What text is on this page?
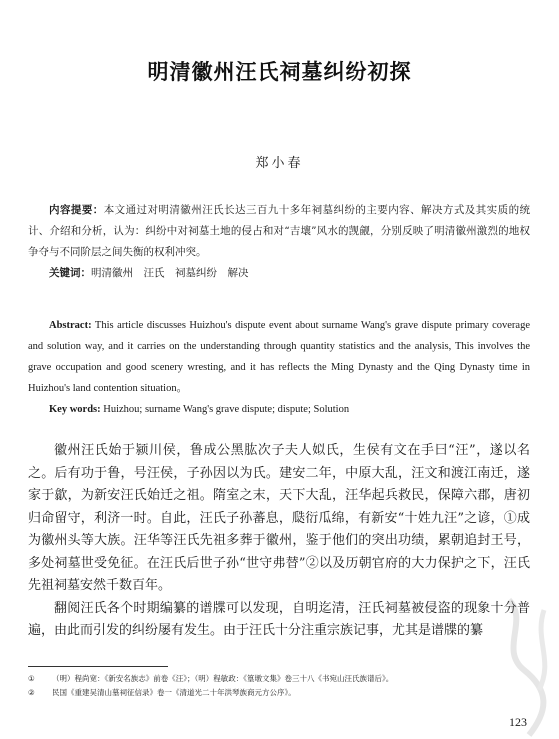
明清徽州汪氏祠墓纠纷初探
郑小春
内容提要：本文通过对明清徽州汪氏长达三百九十多年祠墓纠纷的主要内容、解决方式及其实质的统计、介绍和分析，认为：纠纷中对祠墓土地的侵占和对“吉壤”风水的觊觎，分别反映了明清徽州激烈的地权争夺与不同阶层之间失衡的权利冲突。
关键词：明清徽州　汪氏　祠墓纠纷　解决
Abstract: This article discusses Huizhou's dispute event about surname Wang's grave dispute primary coverage and solution way, and it carries on the understanding through quantity statistics and the analysis, This involves the grave occupation and good scenery wresting, and it has reflects the Ming Dynasty and the Qing Dynasty time in Huizhou's land contention situation。
Key words: Huizhou; surname Wang's grave dispute; dispute; Solution

徽州汪氏始于颍川侯，鲁成公黑肱次子夫人姒氏，生侯有文在手曰“汪”，遂以名之。后有功于鲁，号汪侯，子孙因以为氏。建安二年，中原大乱，汪文和渡江南迁，遂家于歙，为新安汪氏始迁之祖。隋室之末，天下大乱，汪华起兵救民，保障六郡，唐初归命留守，利济一时。自此，汪氏子孙蕃息，瓞衍瓜绵，有新安“十姓九汪”之谚，①成为徽州头等大族。汪华等汪氏先祖多葬于徽州，鉴于他们的突出功绩，累朝追封王号，多处祠墓世受免征。在汪氏后世子孙“世守弗替”②以及历朝官府的大力保护之下，汪氏先祖祠墓安然千数百年。

翻阅汪氏各个时期编纂的谱牒可以发现，自明迄清，汪氏祠墓被侵盗的现象十分普遍，由此而引发的纠纷屡有发生。由于汪氏十分注重宗族记事，尤其是谱牒的纂

①	（明）程尚宽：《新安名族志》前卷《汪》；（明）程敏政：《篁墩文集》卷三十八《书宛山汪氏族谱后》。
②	民国《重建吴清山墓祠征信录》卷一《清道光二十年洪琴族商元方公序》。
123
